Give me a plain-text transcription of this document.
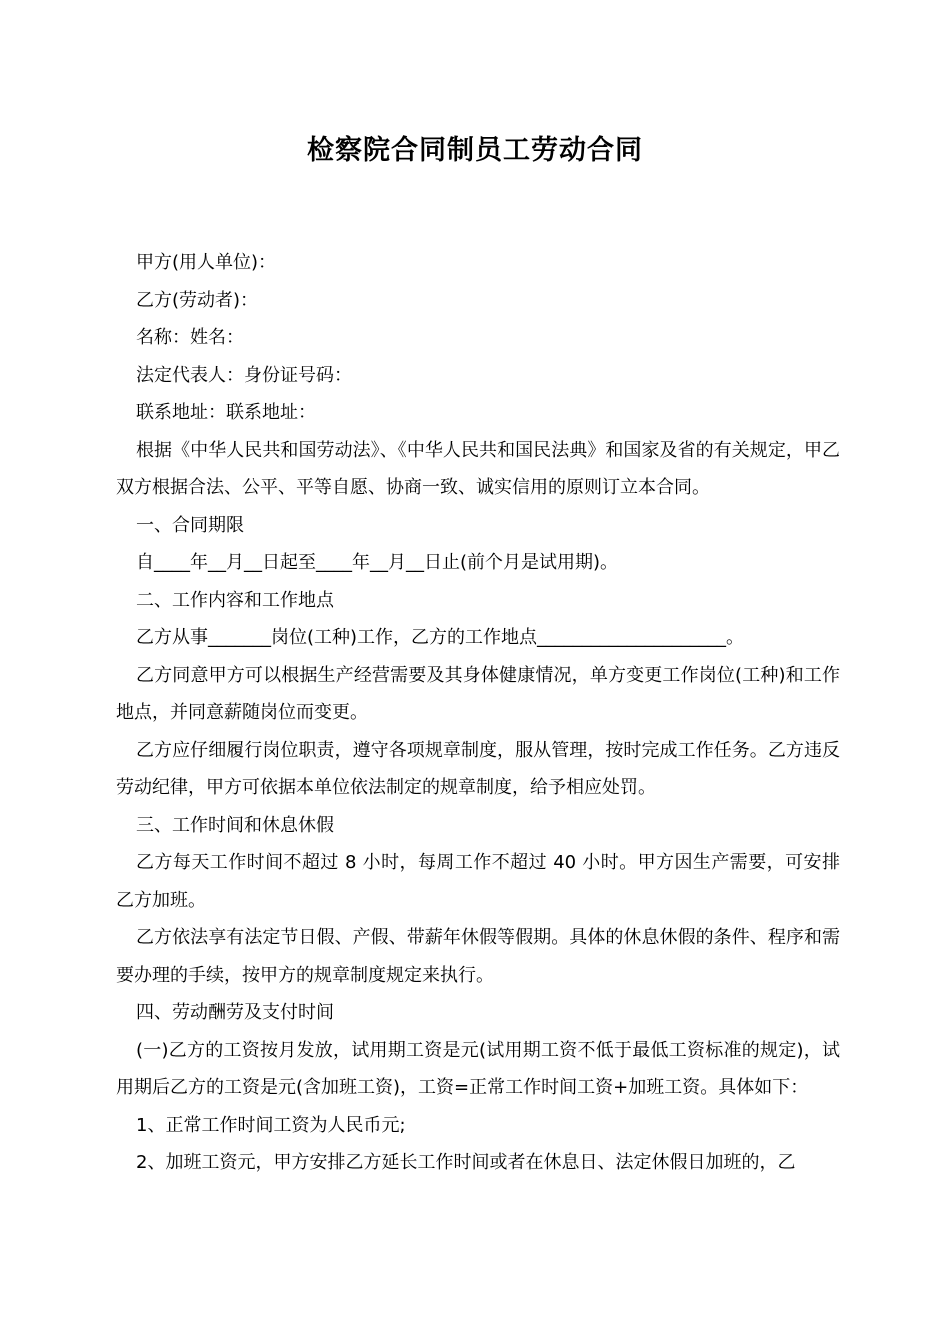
检察院合同制员工劳动合同

甲方(用人单位)：

乙方(劳动者)：

名称：姓名：

法定代表人：身份证号码：

联系地址：联系地址：

根据《中华人民共和国劳动法》、《中华人民共和国民法典》和国家及省的有关规定，甲乙双方根据合法、公平、平等自愿、协商一致、诚实信用的原则订立本合同。

一、合同期限

自____年__月__日起至____年__月__日止(前个月是试用期)。

二、工作内容和工作地点

乙方从事_______岗位(工种)工作，乙方的工作地点_____________________。

乙方同意甲方可以根据生产经营需要及其身体健康情况，单方变更工作岗位(工种)和工作地点，并同意薪随岗位而变更。

乙方应仔细履行岗位职责，遵守各项规章制度，服从管理，按时完成工作任务。乙方违反劳动纪律，甲方可依据本单位依法制定的规章制度，给予相应处罚。

三、工作时间和休息休假

乙方每天工作时间不超过 8 小时，每周工作不超过 40 小时。甲方因生产需要，可安排乙方加班。

乙方依法享有法定节日假、产假、带薪年休假等假期。具体的休息休假的条件、程序和需要办理的手续，按甲方的规章制度规定来执行。

四、劳动酬劳及支付时间

(一)乙方的工资按月发放，试用期工资是元(试用期工资不低于最低工资标准的规定)，试用期后乙方的工资是元(含加班工资)，工资=正常工作时间工资+加班工资。具体如下：

1、正常工作时间工资为人民币元;

2、加班工资元，甲方安排乙方延长工作时间或者在休息日、法定休假日加班的，乙
